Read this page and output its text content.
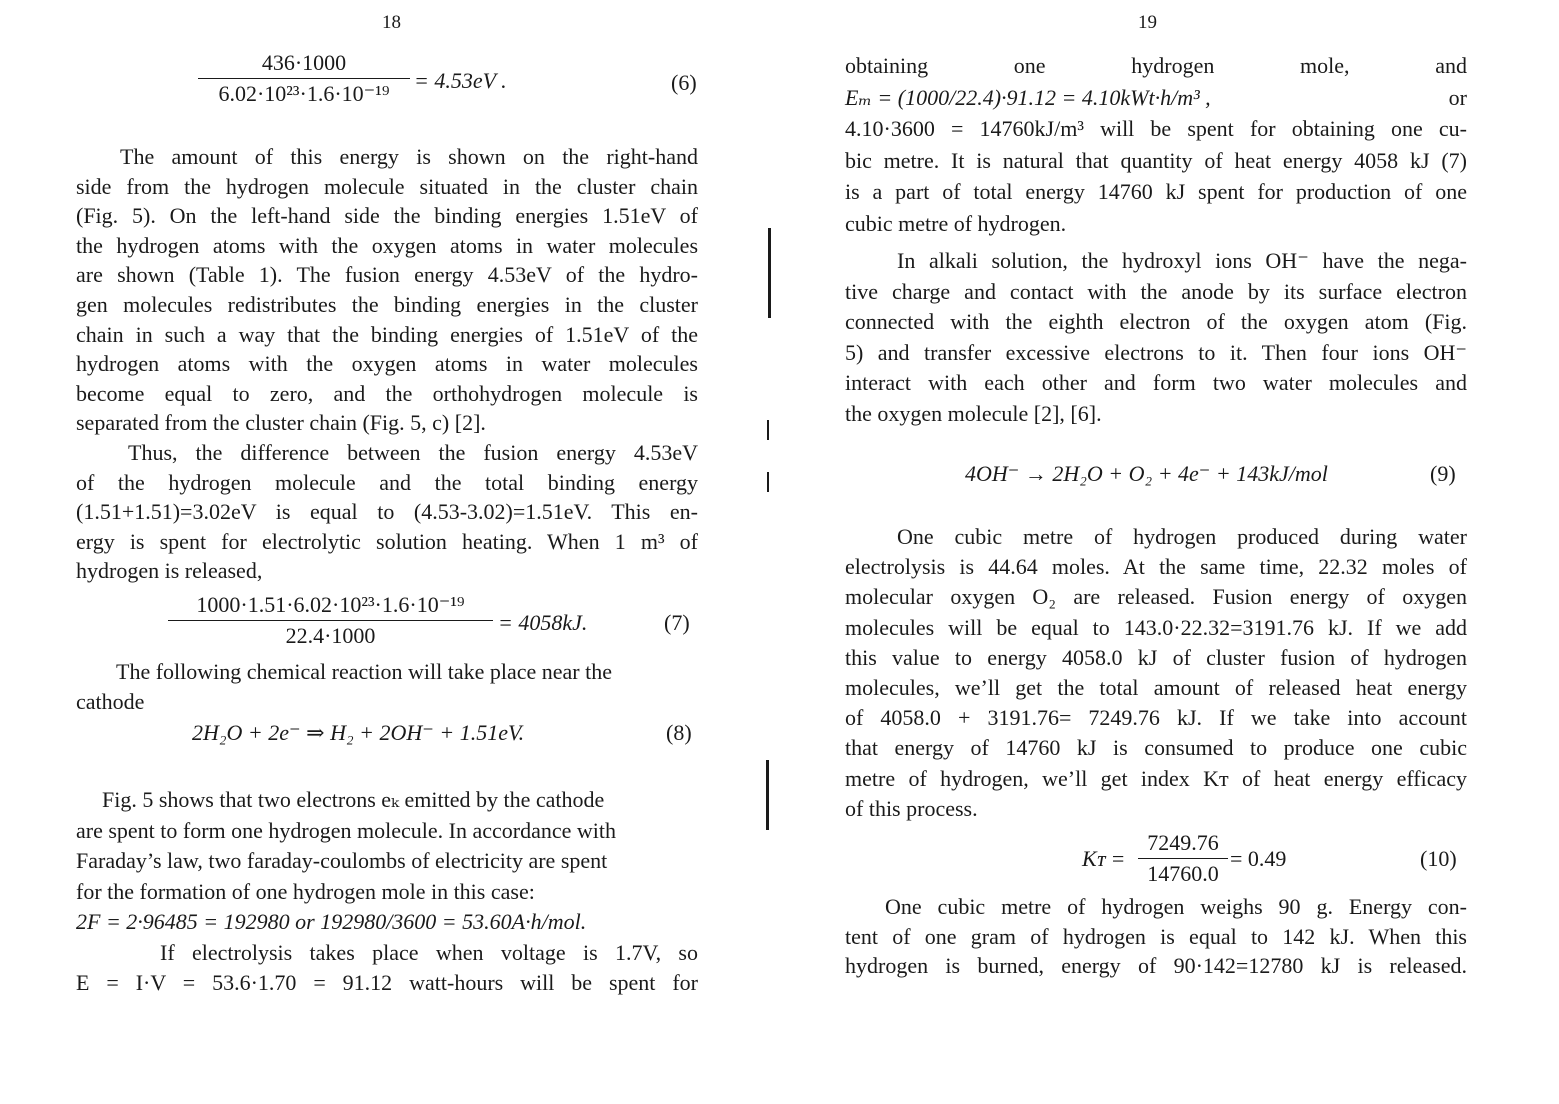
18
436·1000
6.02·10²³·1.6·10⁻¹⁹
= 4.53eV .	(6)
The amount of this energy is shown on the right-hand
side from the hydrogen molecule situated in the cluster chain
(Fig. 5). On the left-hand side the binding energies 1.51eV of
the hydrogen atoms with the oxygen atoms in water molecules
are shown (Table 1). The fusion energy 4.53eV of the hydro-
gen molecules redistributes the binding energies in the cluster
chain in such a way that the binding energies of 1.51eV of the
hydrogen atoms with the oxygen atoms in water molecules
become equal to zero, and the orthohydrogen molecule is
separated from the cluster chain (Fig. 5, c) [2].
Thus, the difference between the fusion energy 4.53eV
of the hydrogen molecule and the total binding energy
(1.51+1.51)=3.02eV is equal to (4.53-3.02)=1.51eV. This en-
ergy is spent for electrolytic solution heating. When 1 m³ of
hydrogen is released,
1000·1.51·6.02·10²³·1.6·10⁻¹⁹
22.4·1000
= 4058kJ.	(7)
The following chemical reaction will take place near the
cathode
2H₂O + 2e⁻ ⇒ H₂ + 2OH⁻ + 1.51eV.	(8)
Fig. 5 shows that two electrons eₖ emitted by the cathode
are spent to form one hydrogen molecule. In accordance with
Faraday’s law, two faraday-coulombs of electricity are spent
for the formation of one hydrogen mole in this case:
2F = 2·96485 = 192980 or 192980/3600 = 53.60A·h/mol.
If electrolysis takes place when voltage is 1.7V, so
E = I·V = 53.6·1.70 = 91.12 watt-hours will be spent for
19
obtaining one hydrogen mole, and
Eₘ = (1000/22.4)·91.12 = 4.10kWt·h/m³ ,	or
4.10·3600 = 14760kJ/m³ will be spent for obtaining one cu-
bic metre. It is natural that quantity of heat energy 4058 kJ (7)
is a part of total energy 14760 kJ spent for production of one
cubic metre of hydrogen.
In alkali solution, the hydroxyl ions OH⁻ have the nega-
tive charge and contact with the anode by its surface electron
connected with the eighth electron of the oxygen atom (Fig.
5) and transfer excessive electrons to it. Then four ions OH⁻
interact with each other and form two water molecules and
the oxygen molecule [2], [6].
4OH⁻ → 2H₂O + O₂ + 4e⁻ + 143kJ/mol	(9)
One cubic metre of hydrogen produced during water
electrolysis is 44.64 moles. At the same time, 22.32 moles of
molecular oxygen O₂ are released. Fusion energy of oxygen
molecules will be equal to 143.0·22.32=3191.76 kJ. If we add
this value to energy 4058.0 kJ of cluster fusion of hydrogen
molecules, we’ll get the total amount of released heat energy
of 4058.0 + 3191.76= 7249.76 kJ. If we take into account
that energy of 14760 kJ is consumed to produce one cubic
metre of hydrogen, we’ll get index Kᴛ of heat energy efficacy
of this process.
Kᴛ =
7249.76
14760.0
= 0.49	(10)
One cubic metre of hydrogen weighs 90 g. Energy con-
tent of one gram of hydrogen is equal to 142 kJ. When this
hydrogen is burned, energy of 90·142=12780 kJ is released.
